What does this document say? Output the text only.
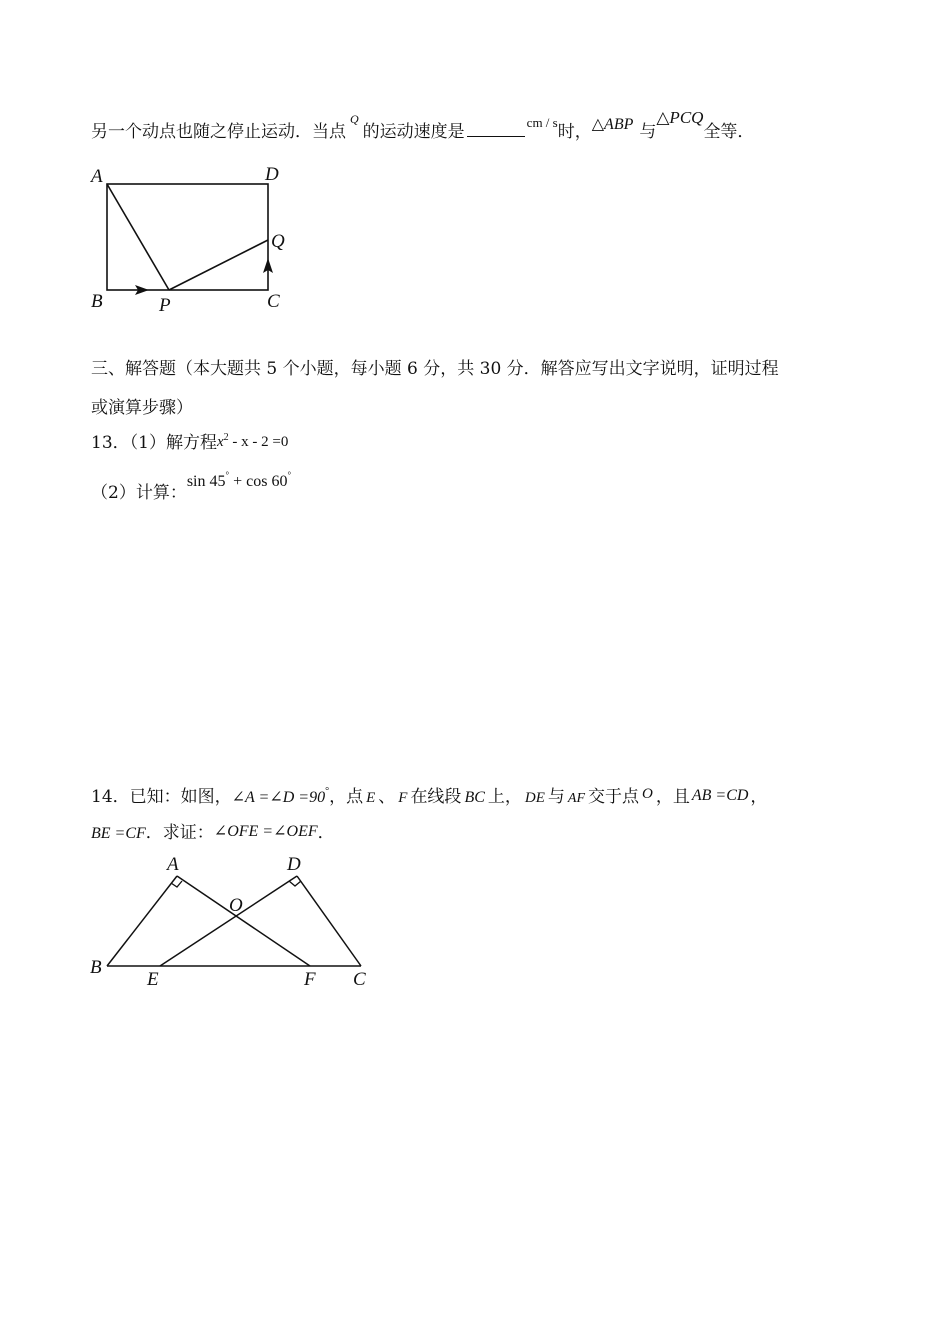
另一个动点也随之停止运动．当点$^Q$的运动速度是	$^{cm / s}$时，△ABP 与△PCQ全等．
A	D
Q
B	P	C
三、解答题（本大题共 5 个小题，每小题 6 分，共 30 分．解答应写出文字说明，证明过程
或演算步骤）
13．（1）解方程$x^2 - x - 2 =0$
（2）计算：sin 45° + cos 60°
14．已知：如图，∠A =∠D =90°，点 E 、 F 在线段 BC 上， DE 与 AF 交于点 O ，且 AB =CD ，
BE =CF．求证：∠OFE =∠OEF．
A	D
O
B
E	F C
